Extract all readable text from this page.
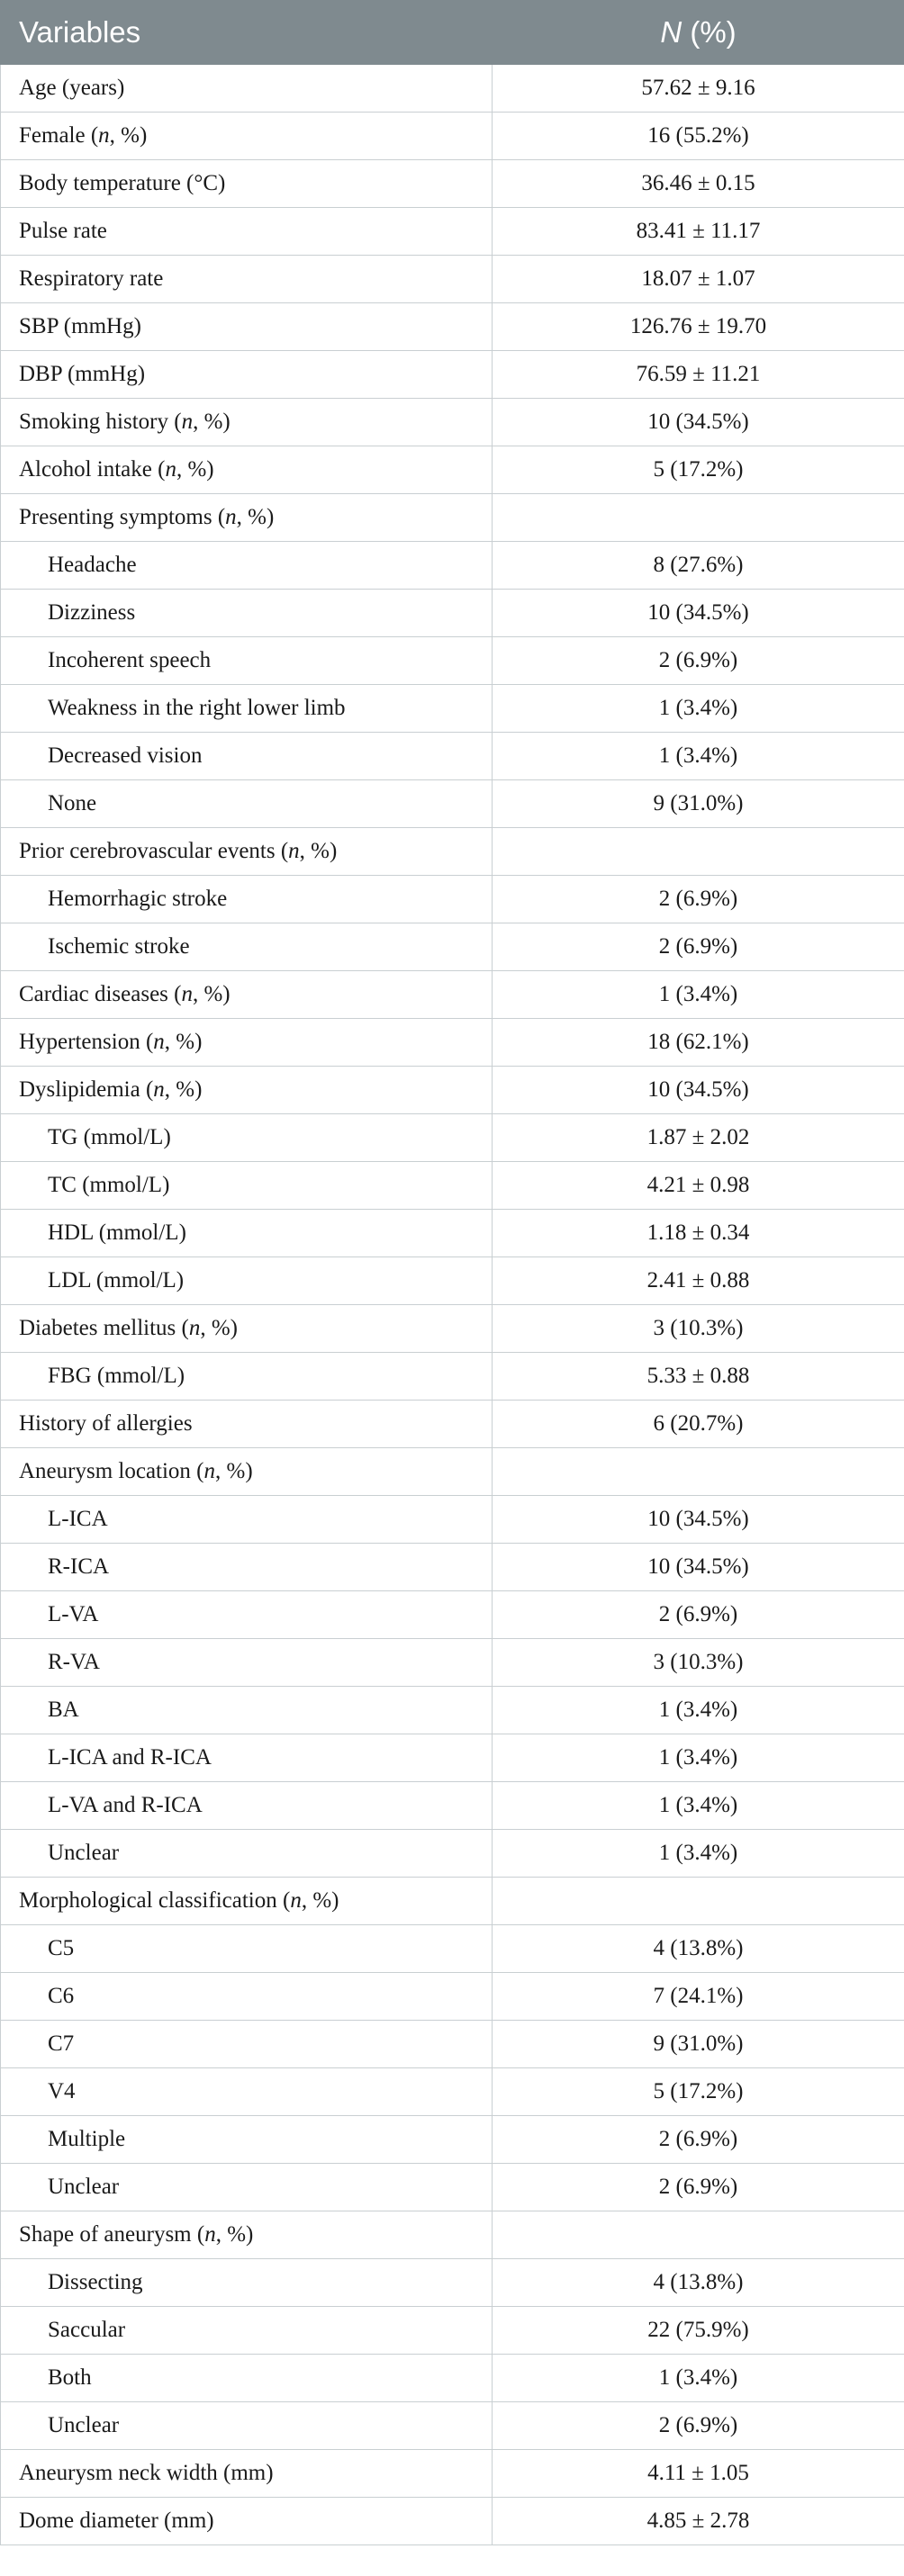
Variables	N (%)
Age (years)	57.62 ± 9.16
Female (n, %)	16 (55.2%)
Body temperature (°C)	36.46 ± 0.15
Pulse rate	83.41 ± 11.17
Respiratory rate	18.07 ± 1.07
SBP (mmHg)	126.76 ± 19.70
DBP (mmHg)	76.59 ± 11.21
Smoking history (n, %)	10 (34.5%)
Alcohol intake (n, %)	5 (17.2%)
Presenting symptoms (n, %)	
Headache	8 (27.6%)
Dizziness	10 (34.5%)
Incoherent speech	2 (6.9%)
Weakness in the right lower limb	1 (3.4%)
Decreased vision	1 (3.4%)
None	9 (31.0%)
Prior cerebrovascular events (n, %)	
Hemorrhagic stroke	2 (6.9%)
Ischemic stroke	2 (6.9%)
Cardiac diseases (n, %)	1 (3.4%)
Hypertension (n, %)	18 (62.1%)
Dyslipidemia (n, %)	10 (34.5%)
TG (mmol/L)	1.87 ± 2.02
TC (mmol/L)	4.21 ± 0.98
HDL (mmol/L)	1.18 ± 0.34
LDL (mmol/L)	2.41 ± 0.88
Diabetes mellitus (n, %)	3 (10.3%)
FBG (mmol/L)	5.33 ± 0.88
History of allergies	6 (20.7%)
Aneurysm location (n, %)	
L-ICA	10 (34.5%)
R-ICA	10 (34.5%)
L-VA	2 (6.9%)
R-VA	3 (10.3%)
BA	1 (3.4%)
L-ICA and R-ICA	1 (3.4%)
L-VA and R-ICA	1 (3.4%)
Unclear	1 (3.4%)
Morphological classification (n, %)	
C5	4 (13.8%)
C6	7 (24.1%)
C7	9 (31.0%)
V4	5 (17.2%)
Multiple	2 (6.9%)
Unclear	2 (6.9%)
Shape of aneurysm (n, %)	
Dissecting	4 (13.8%)
Saccular	22 (75.9%)
Both	1 (3.4%)
Unclear	2 (6.9%)
Aneurysm neck width (mm)	4.11 ± 1.05
Dome diameter (mm)	4.85 ± 2.78
